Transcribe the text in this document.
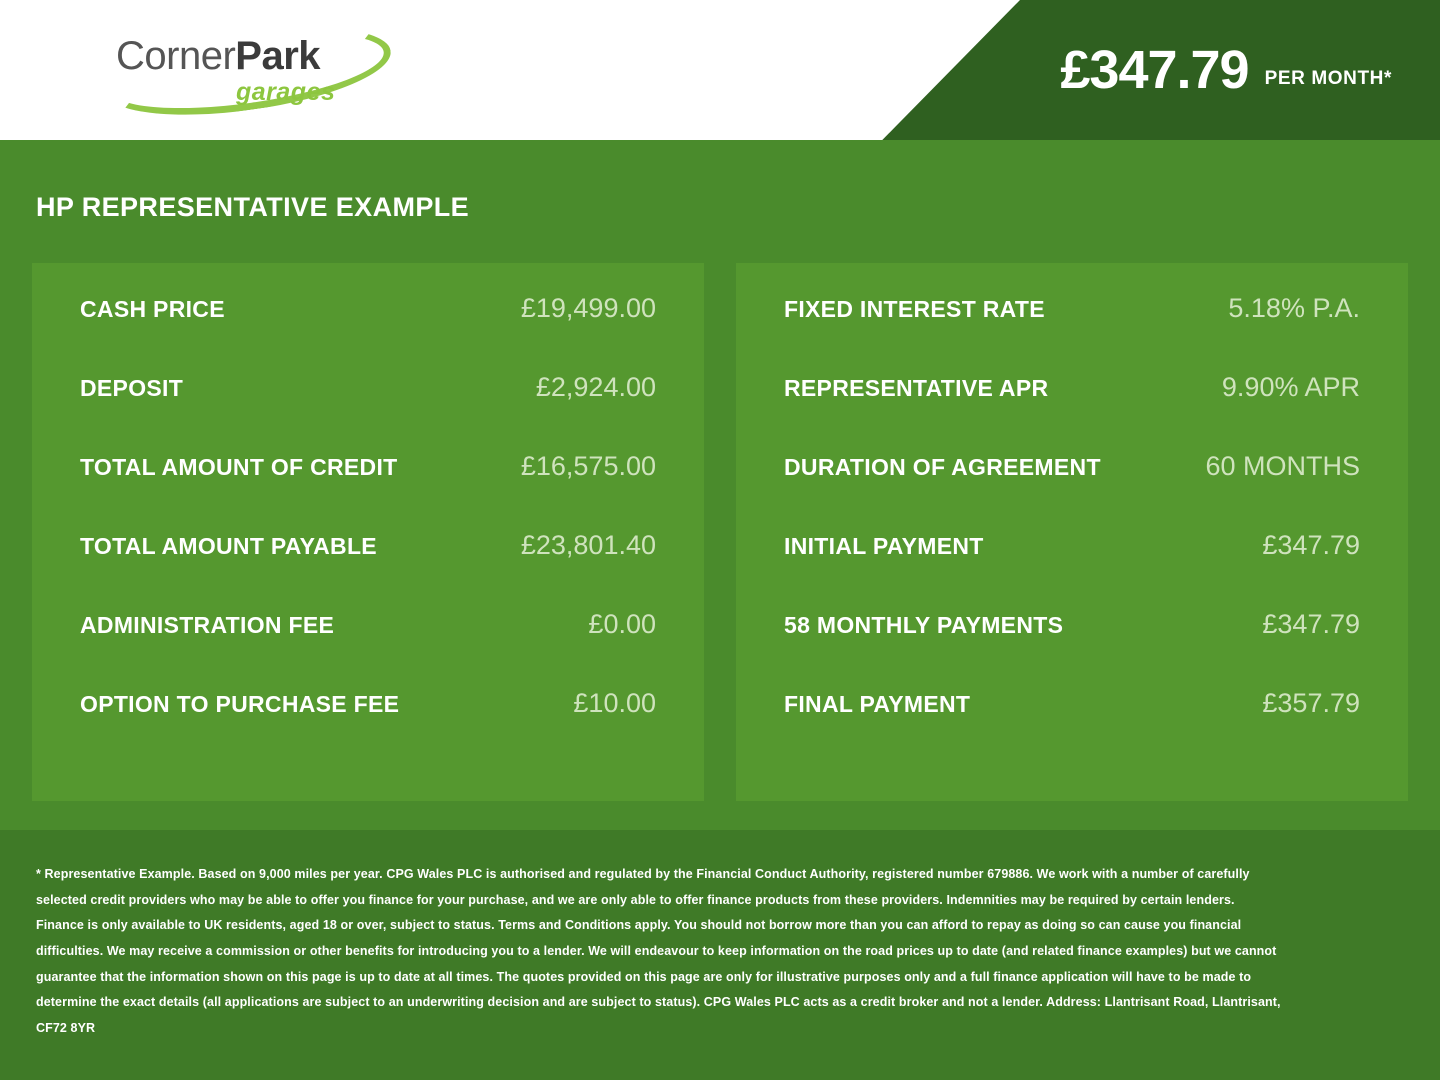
CornerPark
garages	£347.79 PER MONTH*
HP REPRESENTATIVE EXAMPLE
CASH PRICE	£19,499.00
DEPOSIT	£2,924.00
TOTAL AMOUNT OF CREDIT	£16,575.00
TOTAL AMOUNT PAYABLE	£23,801.40
ADMINISTRATION FEE	£0.00
OPTION TO PURCHASE FEE	£10.00
FIXED INTEREST RATE	5.18% P.A.
REPRESENTATIVE APR	9.90% APR
DURATION OF AGREEMENT	60 MONTHS
INITIAL PAYMENT	£347.79
58 MONTHLY PAYMENTS	£347.79
FINAL PAYMENT	£357.79

* Representative Example. Based on 9,000 miles per year. CPG Wales PLC is authorised and regulated by the Financial Conduct Authority, registered number 679886. We work with a number of carefully selected credit providers who may be able to offer you finance for your purchase, and we are only able to offer finance products from these providers. Indemnities may be required by certain lenders. Finance is only available to UK residents, aged 18 or over, subject to status. Terms and Conditions apply. You should not borrow more than you can afford to repay as doing so can cause you financial difficulties. We may receive a commission or other benefits for introducing you to a lender. We will endeavour to keep information on the road prices up to date (and related finance examples) but we cannot guarantee that the information shown on this page is up to date at all times. The quotes provided on this page are only for illustrative purposes only and a full finance application will have to be made to determine the exact details (all applications are subject to an underwriting decision and are subject to status). CPG Wales PLC acts as a credit broker and not a lender. Address: Llantrisant Road, Llantrisant, CF72 8YR
